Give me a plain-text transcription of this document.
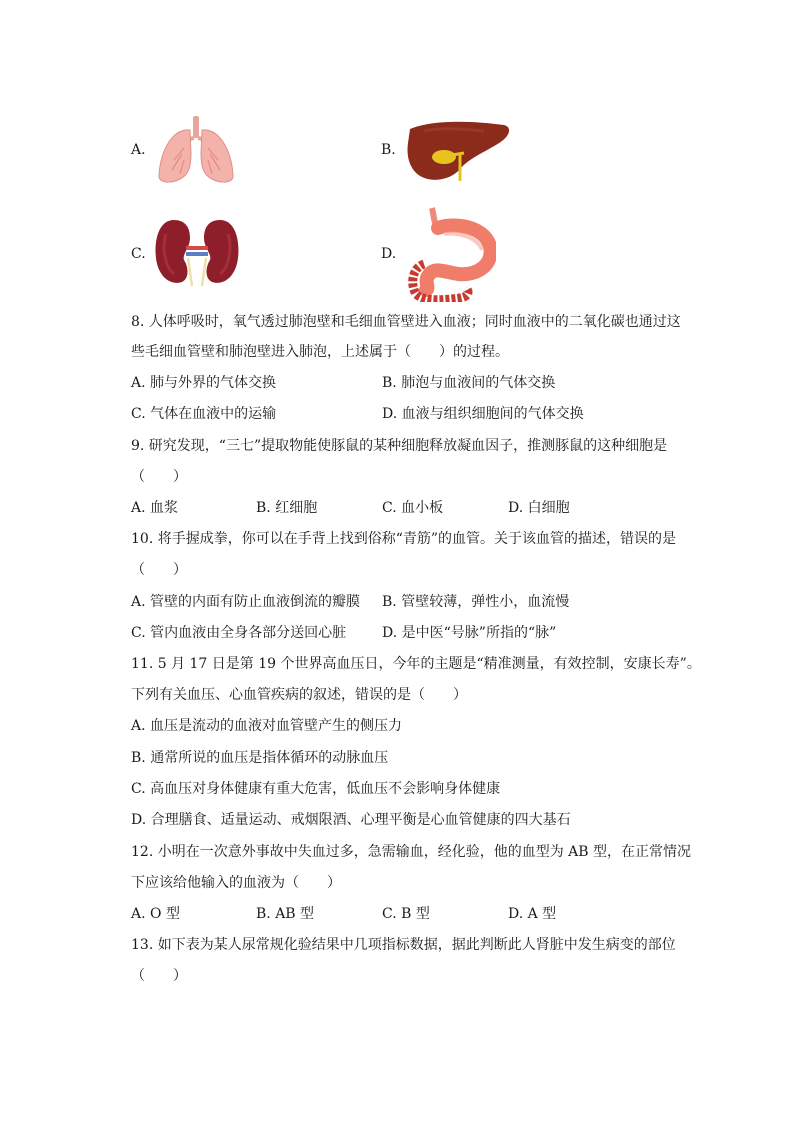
A.	B.
C.	D.
8. 人体呼吸时，氧气透过肺泡壁和毛细血管壁进入血液；同时血液中的二氧化碳也通过这
些毛细血管壁和肺泡壁进入肺泡，上述属于（　　）的过程。
A. 肺与外界的气体交换	B. 肺泡与血液间的气体交换
C. 气体在血液中的运输	D. 血液与组织细胞间的气体交换
9. 研究发现，“三七”提取物能使豚鼠的某种细胞释放凝血因子，推测豚鼠的这种细胞是
（　　）
A. 血浆	B. 红细胞	C. 血小板	D. 白细胞
10. 将手握成拳，你可以在手背上找到俗称“青筋”的血管。关于该血管的描述，错误的是
（　　）
A. 管壁的内面有防止血液倒流的瓣膜 B. 管壁较薄，弹性小，血流慢
C. 管内血液由全身各部分送回心脏	D. 是中医“号脉”所指的“脉”
11. 5 月 17 日是第 19 个世界高血压日，今年的主题是“精准测量，有效控制，安康长寿”。
下列有关血压、心血管疾病的叙述，错误的是（　　）
A. 血压是流动的血液对血管壁产生的侧压力
B. 通常所说的血压是指体循环的动脉血压
C. 高血压对身体健康有重大危害，低血压不会影响身体健康
D. 合理膳食、适量运动、戒烟限酒、心理平衡是心血管健康的四大基石
12. 小明在一次意外事故中失血过多，急需输血，经化验，他的血型为 AB 型，在正常情况
下应该给他输入的血液为（　　）
A. O 型	B. AB 型	C. B 型	D. A 型
13. 如下表为某人尿常规化验结果中几项指标数据，据此判断此人肾脏中发生病变的部位
（　　）
